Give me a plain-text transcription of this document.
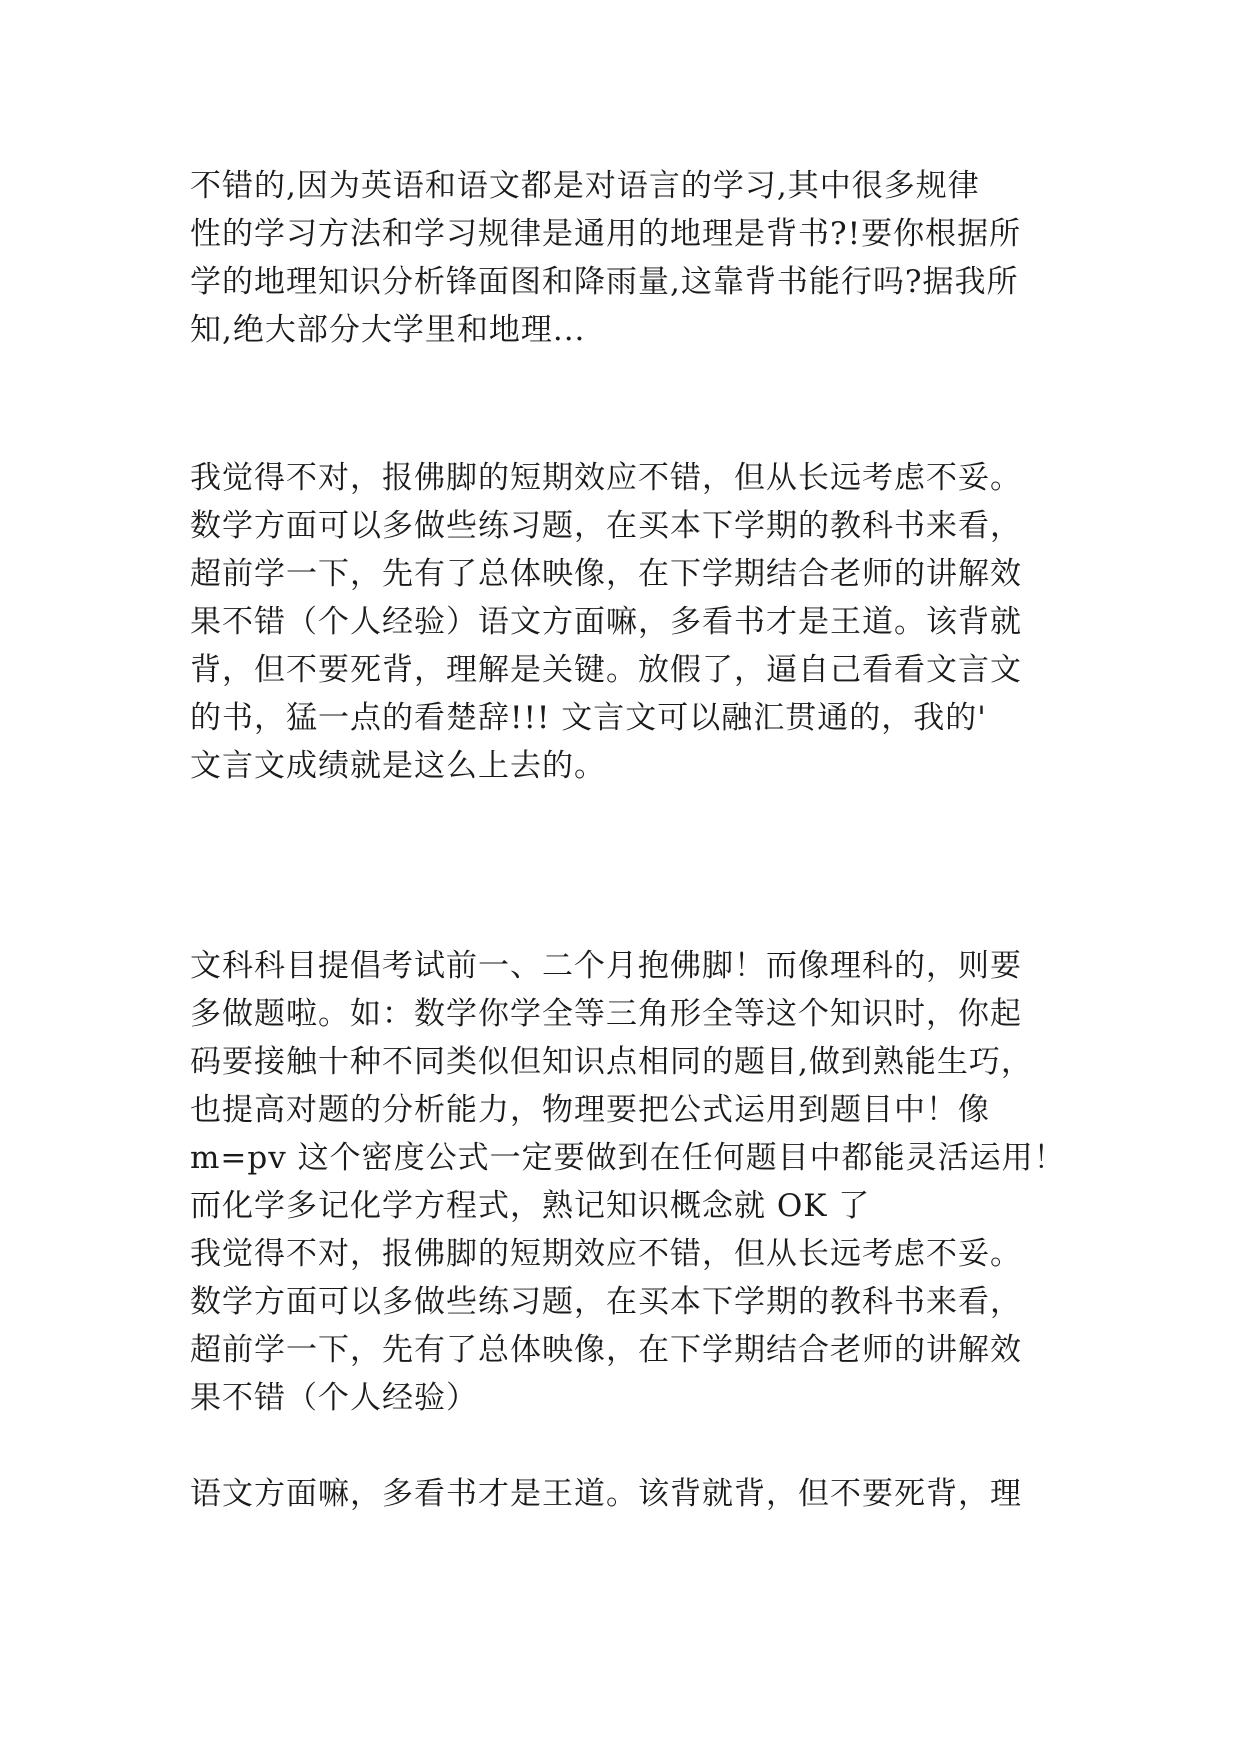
不错的,因为英语和语文都是对语言的学习,其中很多规律
性的学习方法和学习规律是通用的地理是背书?!要你根据所
学的地理知识分析锋面图和降雨量,这靠背书能行吗?据我所
知,绝大部分大学里和地理...
我觉得不对，报佛脚的短期效应不错，但从长远考虑不妥。
数学方面可以多做些练习题，在买本下学期的教科书来看，
超前学一下，先有了总体映像，在下学期结合老师的讲解效
果不错（个人经验）语文方面嘛，多看书才是王道。该背就
背，但不要死背，理解是关键。放假了，逼自己看看文言文
的书，猛一点的看楚辞!!! 文言文可以融汇贯通的，我的'
文言文成绩就是这么上去的。
文科科目提倡考试前一、二个月抱佛脚！而像理科的，则要
多做题啦。如：数学你学全等三角形全等这个知识时，你起
码要接触十种不同类似但知识点相同的题目,做到熟能生巧，
也提高对题的分析能力，物理要把公式运用到题目中！像
m=pv 这个密度公式一定要做到在任何题目中都能灵活运用！
而化学多记化学方程式，熟记知识概念就 OK 了
我觉得不对，报佛脚的短期效应不错，但从长远考虑不妥。
数学方面可以多做些练习题，在买本下学期的教科书来看，
超前学一下，先有了总体映像，在下学期结合老师的讲解效
果不错（个人经验）
语文方面嘛，多看书才是王道。该背就背，但不要死背，理
